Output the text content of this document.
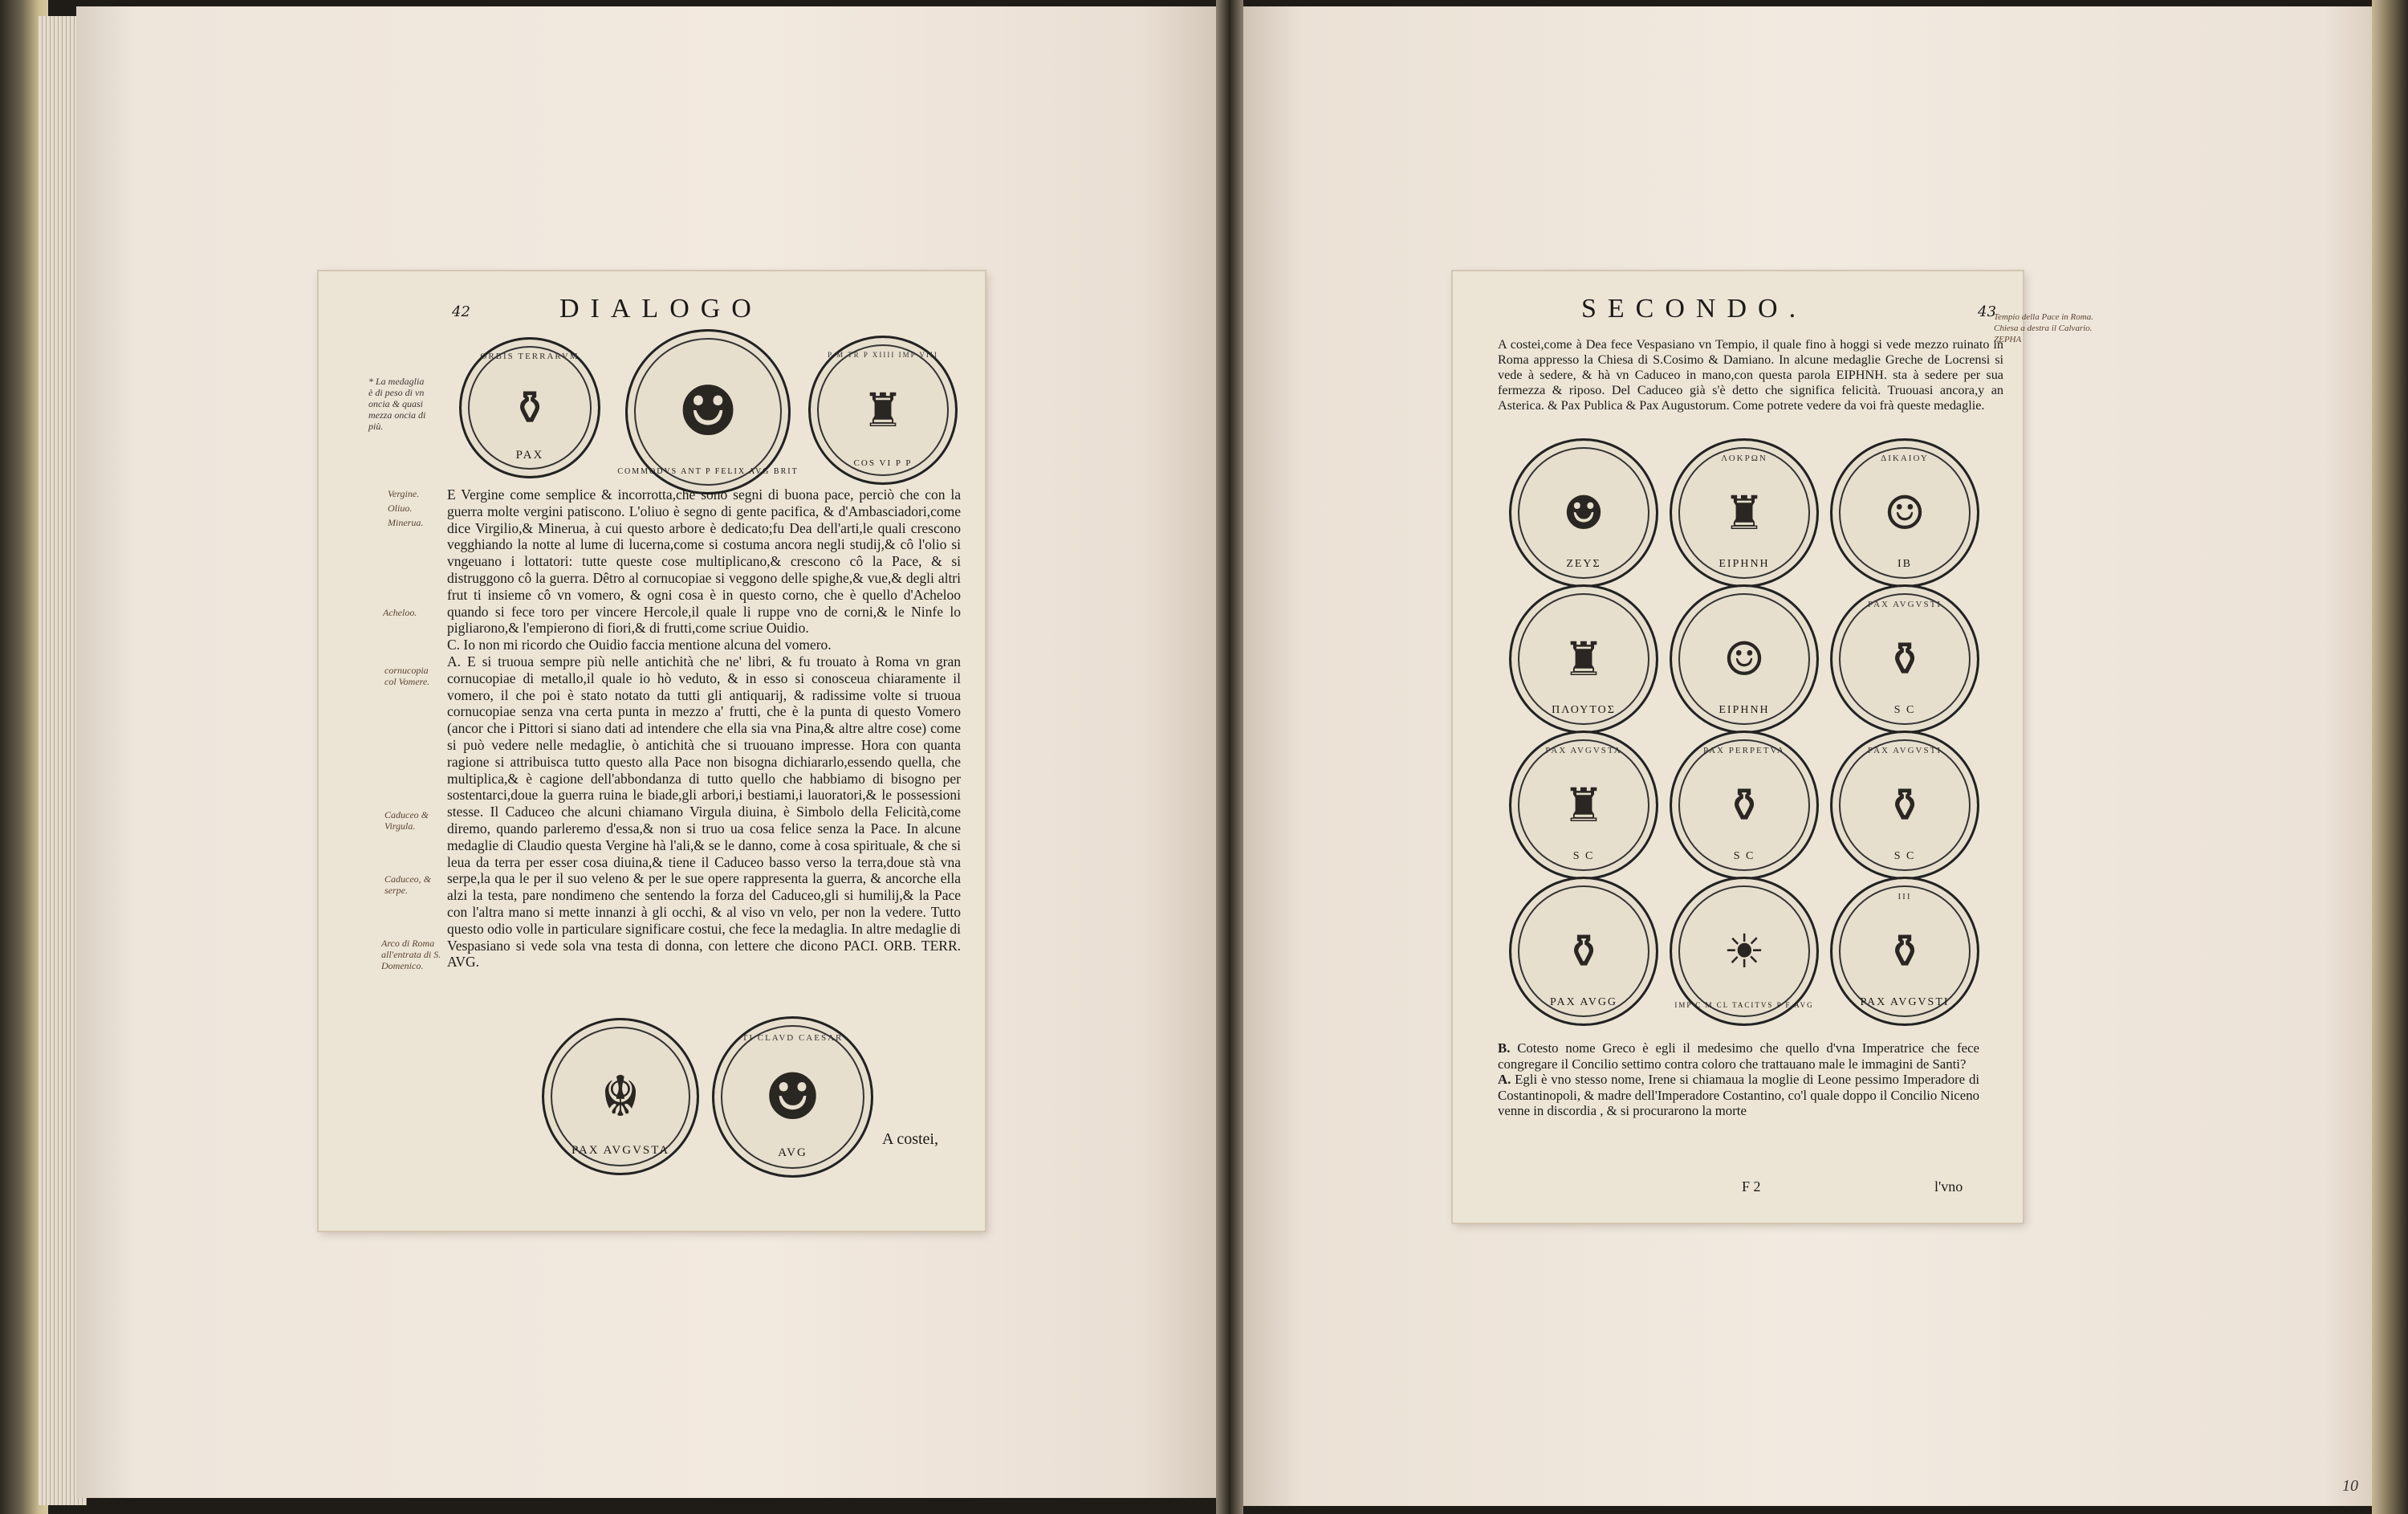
42	DIALOGO
ORBIS TERRARVM
⚱
PAX
☻
COMMODVS ANT P FELIX AVG BRIT
P M TR P XIIII IMP VIII
♜
COS VI P P
* La medaglia è di peso di vn oncia & quasi mezza oncia di più.
Vergine.
Oliuo.
Minerua.
Acheloo.
cornucopia col Vomere.
Caduceo & Virgula.
Caduceo, & serpe.
Arco di Roma all'entrata di S. Domenico.

E Vergine come semplice & incorrotta,che sono segni di buona pace, perciò che con la guerra molte vergini patiscono. L'oliuo è segno di gente pacifica, & d'Ambasciadori,come dice Virgilio,& Minerua, à cui questo arbore è dedicato;fu Dea dell'arti,le quali crescono vegghiando la notte al lume di lucerna,come si costuma ancora negli studij,& cô l'olio si vngeuano i lottatori: tutte queste cose multiplicano,& crescono cô la Pace, & si distruggono cô la guerra. Dêtro al cornucopiae si veggono delle spighe,& vue,& degli altri frut ti insieme cô vn vomero, & ogni cosa è in questo corno, che è quello d'Acheloo quando si fece toro per vincere Hercole,il quale li ruppe vno de corni,& le Ninfe lo pigliarono,& l'empierono di fiori,& di frutti,come scriue Ouidio.

C. Io non mi ricordo che Ouidio faccia mentione alcuna del vomero.

A. E si truoua sempre più nelle antichità che ne' libri, & fu trouato à Roma vn gran cornucopiae di metallo,il quale io hò veduto, & in esso si conosceua chiaramente il vomero, il che poi è stato notato da tutti gli antiquarij, & radissime volte si truoua cornucopiae senza vna certa punta in mezzo a' frutti, che è la punta di questo Vomero (ancor che i Pittori si siano dati ad intendere che ella sia vna Pina,& altre altre cose) come si può vedere nelle medaglie, ò antichità che si truouano impresse. Hora con quanta ragione si attribuisca tutto questo alla Pace non bisogna dichiararlo,essendo quella, che multiplica,& è cagione dell'abbondanza di tutto quello che habbiamo di bisogno per sostentarci,doue la guerra ruina le biade,gli arbori,i bestiami,i lauoratori,& le possessioni stesse. Il Caduceo che alcuni chiamano Virgula diuina, è Simbolo della Felicità,come diremo, quando parleremo d'essa,& non si truo ua cosa felice senza la Pace. In alcune medaglie di Claudio questa Vergine hà l'ali,& se le danno, come à cosa spirituale, & che si leua da terra per esser cosa diuina,& tiene il Caduceo basso verso la terra,doue stà vna serpe,la qua le per il suo veleno & per le sue opere rappresenta la guerra, & ancorche ella alzi la testa, pare nondimeno che sentendo la forza del Caduceo,gli si humilij,& la Pace con l'altra mano si mette innanzi à gli occhi, & al viso vn velo, per non la vedere. Tutto questo odio volle in particulare significare costui, che fece la medaglia. In altre medaglie di Vespasiano si vede sola vna testa di donna, con lettere che dicono PACI. ORB. TERR. AVG.

☬
PAX AVGVSTA
TI CLAVD CAESAR
☻
AVG
A costei,
SECONDO.	43
A costei,come à Dea fece Vespasiano vn Tempio, il quale fino à hoggi si vede mezzo ruinato in Roma appresso la Chiesa di S.Cosimo & Damiano. In alcune medaglie Greche de Locrensi si vede à sedere, & hà vn Caduceo in mano,con questa parola EIPHNH. sta à sedere per sua fermezza & riposo. Del Caduceo già s'è detto che significa felicità. Truouasi ancora,y an Asterica. & Pax Publica & Pax Augustorum. Come potrete vedere da voi frà queste medaglie.
☻
ΖΕΥΣ
ΛΟΚΡΩΝ
♜
ΕΙΡΗΝΗ
ΔΙΚΑΙΟΥ
☺
ΙΒ
♜
ΠΛΟΥΤΟΣ
☺
ΕΙΡΗΝΗ
PAX AVGVSTI
⚱
S C
PAX AVGVSTA
♜
S C
PAX PERPETVA
⚱
S C
PAX AVGVSTI
⚱
S C
⚱
PAX AVGG
☀
IMP C M CL TACITVS P F AVG
III
⚱
PAX AVGVSTI

B. Cotesto nome Greco è egli il medesimo che quello d'vna Imperatrice che fece congregare il Concilio settimo contra coloro che trattauano male le immagini de Santi?

A. Egli è vno stesso nome, Irene si chiamaua la moglie di Leone pessimo Imperadore di Costantinopoli, & madre dell'Imperadore Costantino, co'l quale doppo il Concilio Niceno venne in discordia , & si procurarono la morte

F 2	l'vno
Tempio della Pace in Roma. Chiesa a destra il Calvario. ZEPHA
10
